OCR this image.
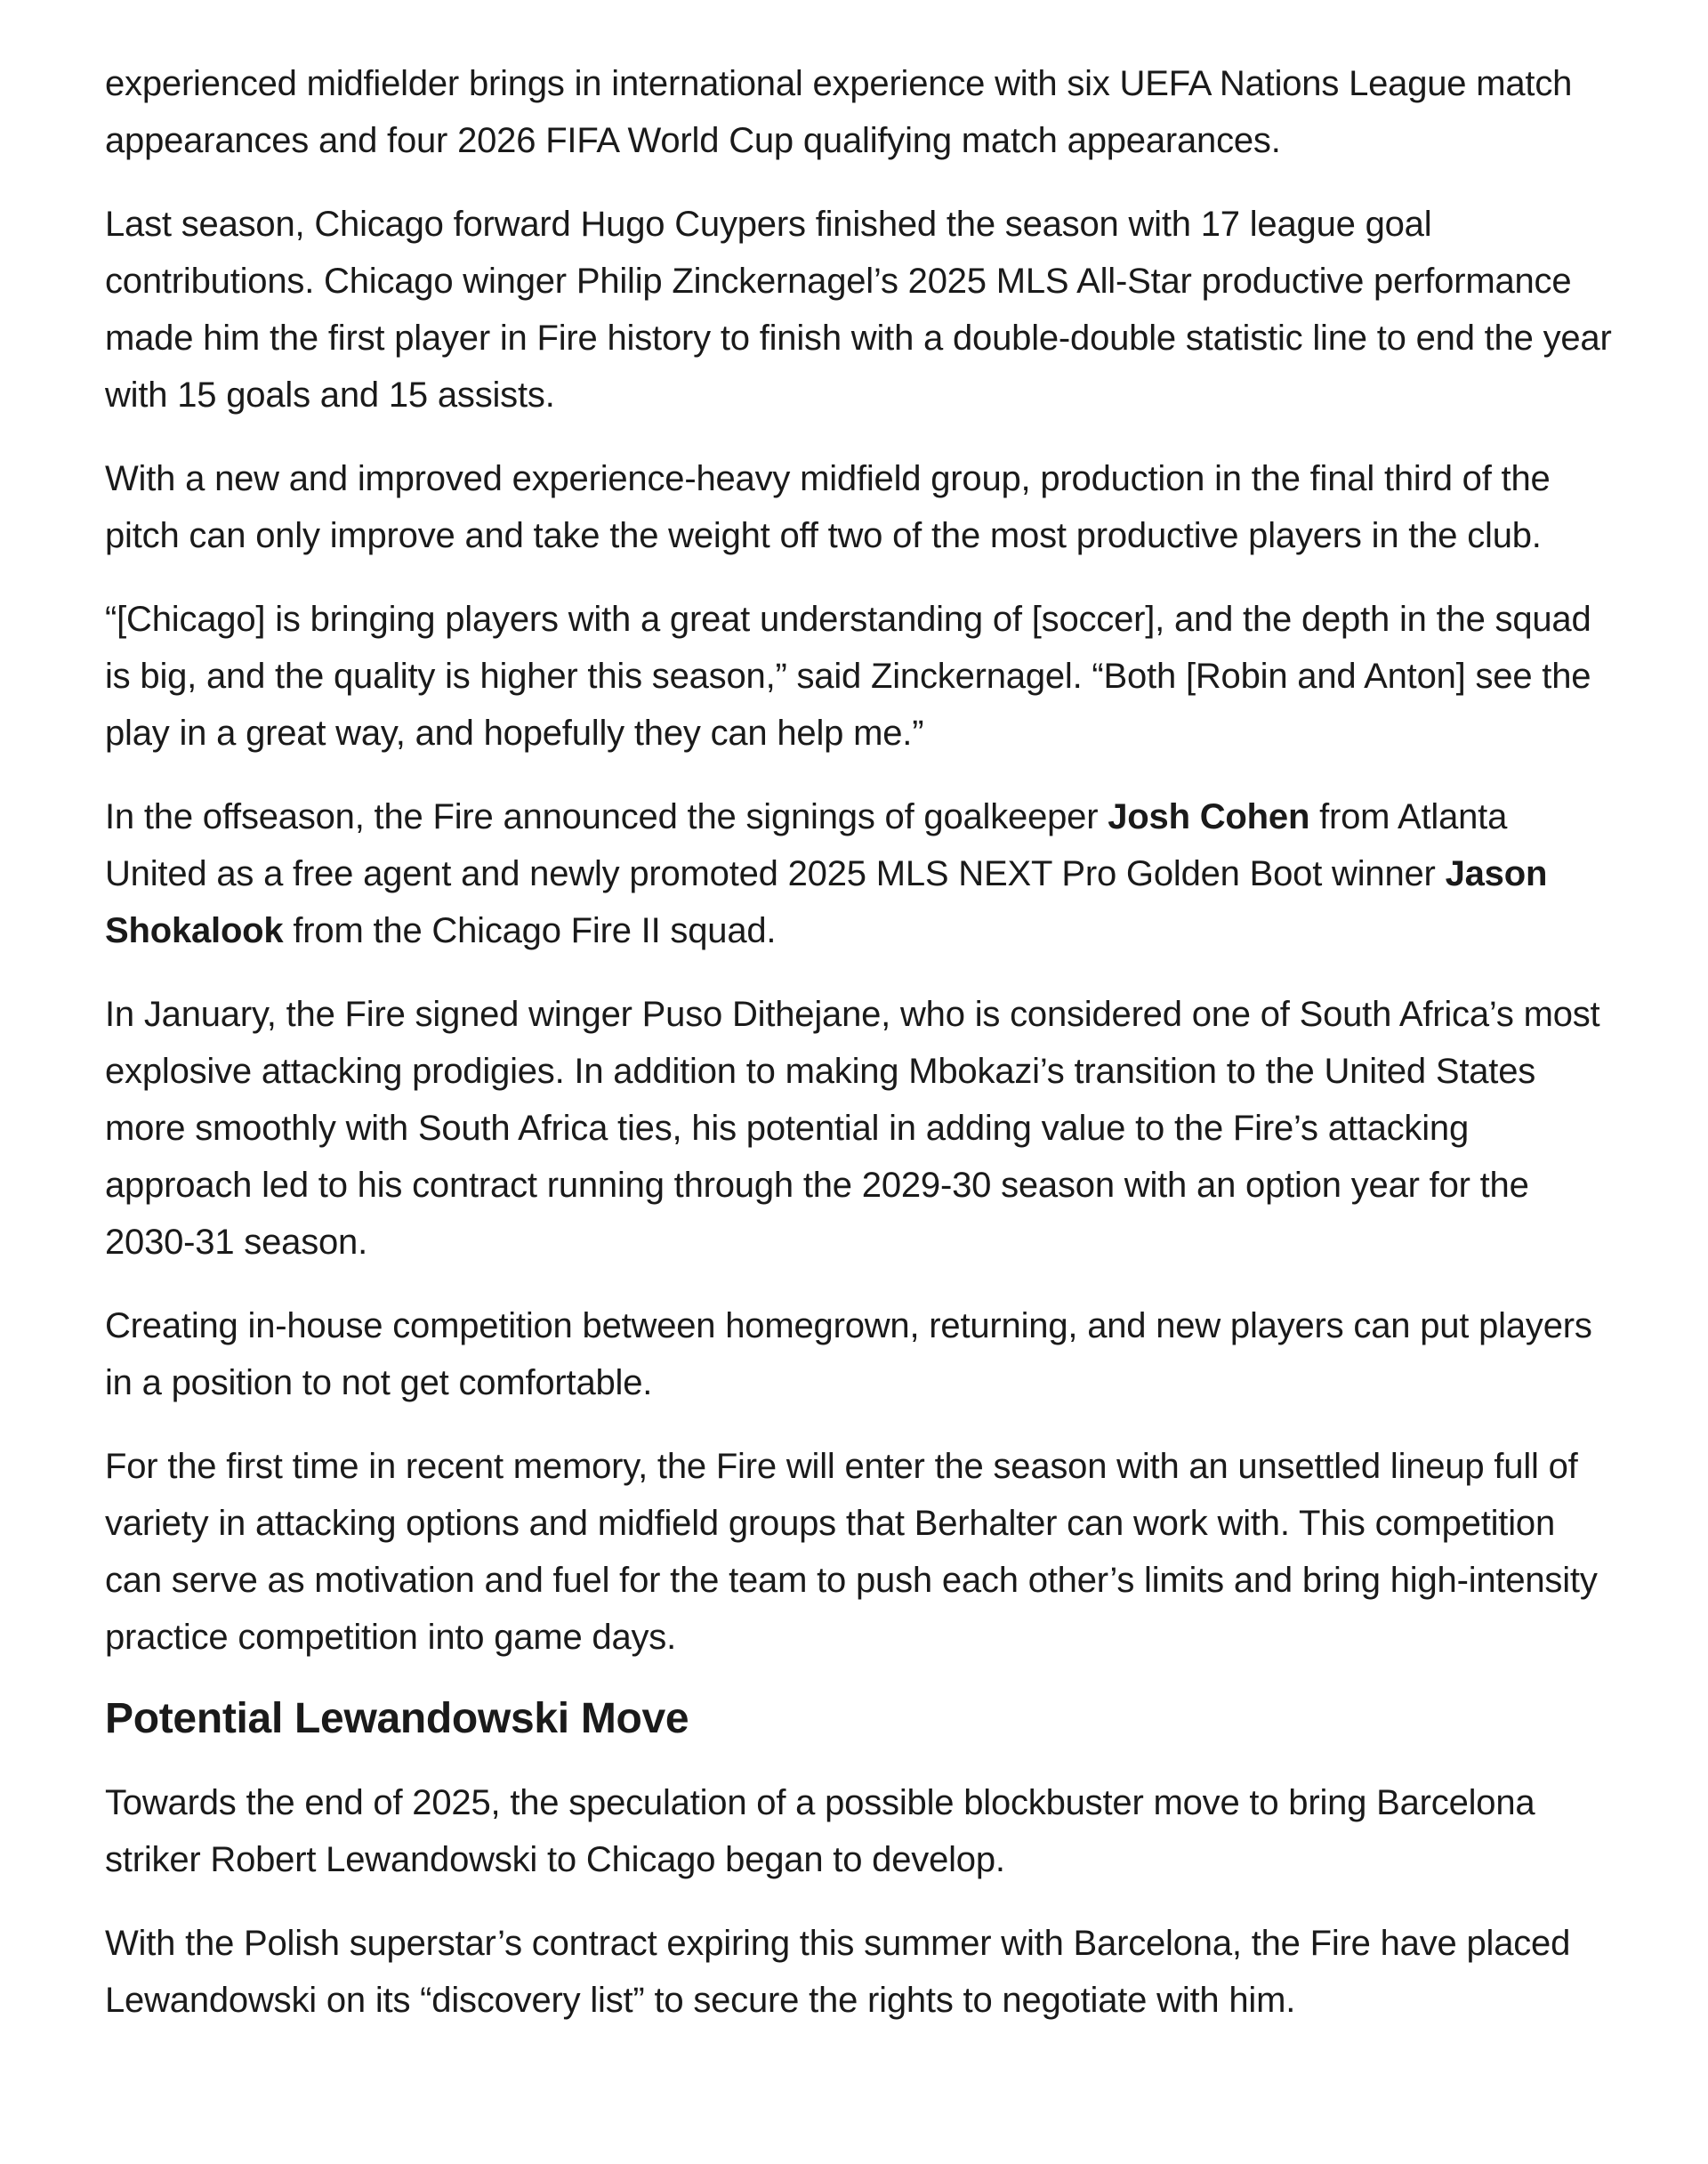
experienced midfielder brings in international experience with six UEFA Nations League match appearances and four 2026 FIFA World Cup qualifying match appearances.

Last season, Chicago forward Hugo Cuypers finished the season with 17 league goal contributions. Chicago winger Philip Zinckernagel’s 2025 MLS All-Star productive performance made him the first player in Fire history to finish with a double-double statistic line to end the year with 15 goals and 15 assists.

With a new and improved experience-heavy midfield group, production in the final third of the pitch can only improve and take the weight off two of the most productive players in the club.

“[Chicago] is bringing players with a great understanding of [soccer], and the depth in the squad is big, and the quality is higher this season,” said Zinckernagel. “Both [Robin and Anton] see the play in a great way, and hopefully they can help me.”

In the offseason, the Fire announced the signings of goalkeeper Josh Cohen from Atlanta United as a free agent and newly promoted 2025 MLS NEXT Pro Golden Boot winner Jason Shokalook from the Chicago Fire II squad.

In January, the Fire signed winger Puso Dithejane, who is considered one of South Africa’s most explosive attacking prodigies. In addition to making Mbokazi’s transition to the United States more smoothly with South Africa ties, his potential in adding value to the Fire’s attacking approach led to his contract running through the 2029-30 season with an option year for the 2030-31 season.

Creating in-house competition between homegrown, returning, and new players can put players in a position to not get comfortable.

For the first time in recent memory, the Fire will enter the season with an unsettled lineup full of variety in attacking options and midfield groups that Berhalter can work with. This competition can serve as motivation and fuel for the team to push each other’s limits and bring high-intensity practice competition into game days.

Potential Lewandowski Move

Towards the end of 2025, the speculation of a possible blockbuster move to bring Barcelona striker Robert Lewandowski to Chicago began to develop.

With the Polish superstar’s contract expiring this summer with Barcelona, the Fire have placed Lewandowski on its “discovery list” to secure the rights to negotiate with him.
